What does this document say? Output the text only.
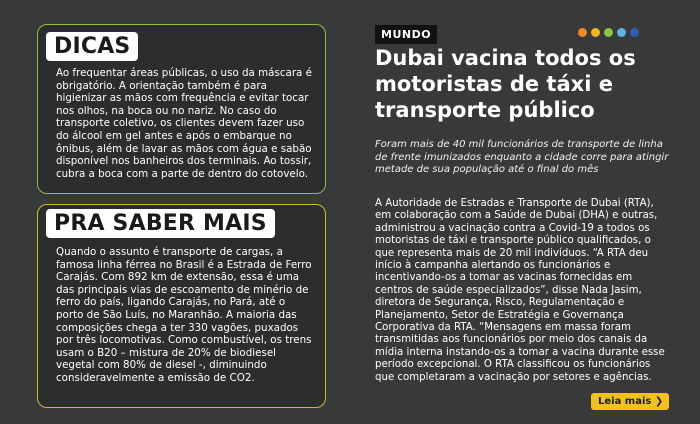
DICAS
Ao frequentar áreas públicas, o uso da máscara é obrigatório. A orientação também é para higienizar as mãos com frequência e evitar tocar nos olhos, na boca ou no nariz. No caso do transporte coletivo, os clientes devem fazer uso do álcool em gel antes e após o embarque no ônibus, além de lavar as mãos com água e sabão disponível nos banheiros dos terminais. Ao tossir, cubra a boca com a parte de dentro do cotovelo.
PRA SABER MAIS
Quando o assunto é transporte de cargas, a famosa linha férrea no Brasil é a Estrada de Ferro Carajás. Com 892 km de extensão, essa é uma das principais vias de escoamento de minério de ferro do país, ligando Carajás, no Pará, até o porto de São Luís, no Maranhão. A maioria das composições chega a ter 330 vagões, puxados por três locomotivas. Como combustível, os trens usam o B20 – mistura de 20% de biodiesel vegetal com 80% de diesel -, diminuindo consideravelmente a emissão de CO2.
MUNDO
Dubai vacina todos os motoristas de táxi e transporte público
Foram mais de 40 mil funcionários de transporte de linha de frente imunizados enquanto a cidade corre para atingir metade de sua população até o final do mês
A Autoridade de Estradas e Transporte de Dubai (RTA), em colaboração com a Saúde de Dubai (DHA) e outras, administrou a vacinação contra a Covid-19 a todos os motoristas de táxi e transporte público qualificados, o que representa mais de 20 mil indivíduos. “A RTA deu início à campanha alertando os funcionários e incentivando-os a tomar as vacinas fornecidas em centros de saúde especializados”, disse Nada Jasim, diretora de Segurança, Risco, Regulamentação e Planejamento, Setor de Estratégia e Governança Corporativa da RTA. “Mensagens em massa foram transmitidas aos funcionários por meio dos canais da mídia interna instando-os a tomar a vacina durante esse período excepcional. O RTA classificou os funcionários que completaram a vacinação por setores e agências.
Leia mais ❯
